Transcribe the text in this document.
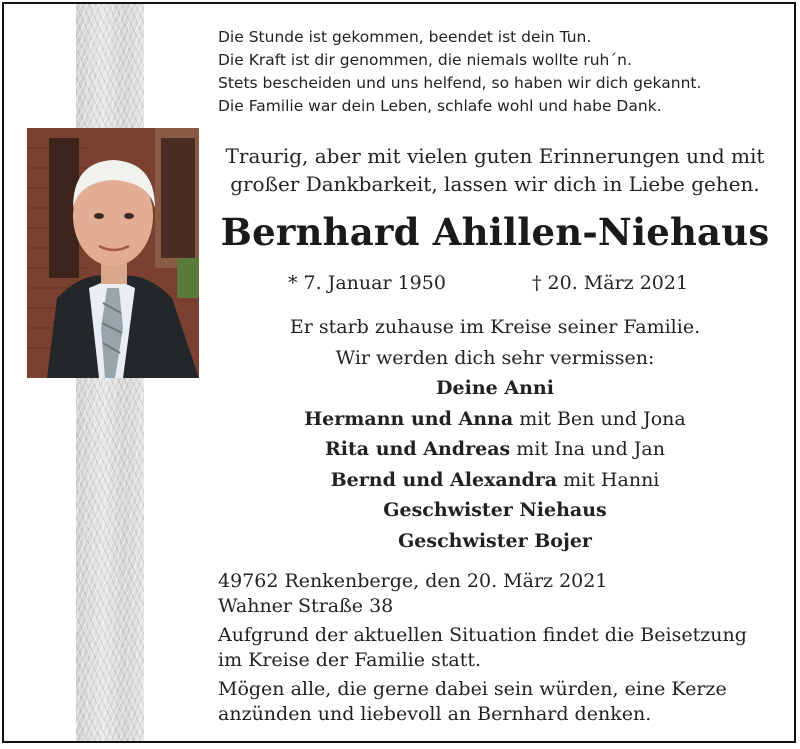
Die Stunde ist gekommen, beendet ist dein Tun.
Die Kraft ist dir genommen, die niemals wollte ruh´n.
Stets bescheiden und uns helfend, so haben wir dich gekannt.
Die Familie war dein Leben, schlafe wohl und habe Dank.
Traurig, aber mit vielen guten Erinnerungen und mit
großer Dankbarkeit, lassen wir dich in Liebe gehen.
Bernhard Ahillen-Niehaus
* 7. Januar 1950	† 20. März 2021
Er starb zuhause im Kreise seiner Familie.
Wir werden dich sehr vermissen:
Deine Anni
Hermann und Anna mit Ben und Jona
Rita und Andreas mit Ina und Jan
Bernd und Alexandra mit Hanni
Geschwister Niehaus
Geschwister Bojer
49762 Renkenberge, den 20. März 2021
Wahner Straße 38
Aufgrund der aktuellen Situation findet die Beisetzung
im Kreise der Familie statt.
Mögen alle, die gerne dabei sein würden, eine Kerze
anzünden und liebevoll an Bernhard denken.
